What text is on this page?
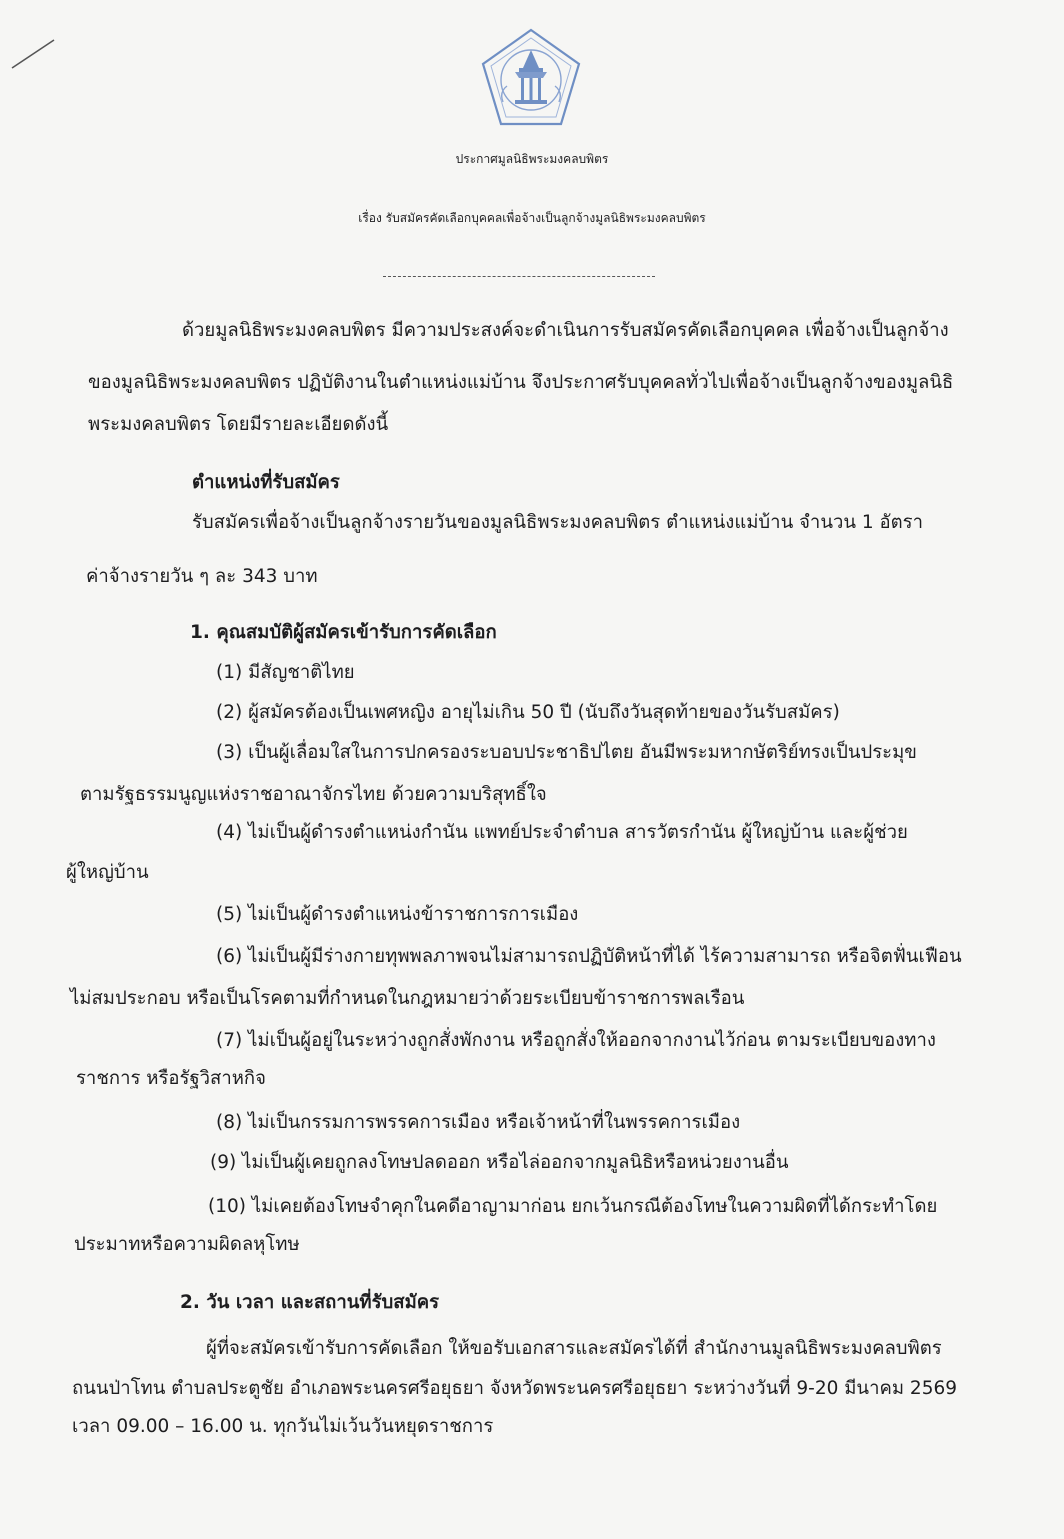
ประกาศมูลนิธิพระมงคลบพิตร
เรื่อง รับสมัครคัดเลือกบุคคลเพื่อจ้างเป็นลูกจ้างมูลนิธิพระมงคลบพิตร
ด้วยมูลนิธิพระมงคลบพิตร มีความประสงค์จะดำเนินการรับสมัครคัดเลือกบุคคล เพื่อจ้างเป็นลูกจ้าง
ของมูลนิธิพระมงคลบพิตร ปฏิบัติงานในตำแหน่งแม่บ้าน จึงประกาศรับบุคคลทั่วไปเพื่อจ้างเป็นลูกจ้างของมูลนิธิ
พระมงคลบพิตร โดยมีรายละเอียดดังนี้
ตำแหน่งที่รับสมัคร
รับสมัครเพื่อจ้างเป็นลูกจ้างรายวันของมูลนิธิพระมงคลบพิตร ตำแหน่งแม่บ้าน จำนวน 1 อัตรา
ค่าจ้างรายวัน ๆ ละ 343 บาท
1. คุณสมบัติผู้สมัครเข้ารับการคัดเลือก
(1) มีสัญชาติไทย
(2) ผู้สมัครต้องเป็นเพศหญิง อายุไม่เกิน 50 ปี (นับถึงวันสุดท้ายของวันรับสมัคร)
(3) เป็นผู้เลื่อมใสในการปกครองระบอบประชาธิปไตย อันมีพระมหากษัตริย์ทรงเป็นประมุข
ตามรัฐธรรมนูญแห่งราชอาณาจักรไทย ด้วยความบริสุทธิ์ใจ
(4) ไม่เป็นผู้ดำรงตำแหน่งกำนัน แพทย์ประจำตำบล สารวัตรกำนัน ผู้ใหญ่บ้าน และผู้ช่วย
ผู้ใหญ่บ้าน
(5) ไม่เป็นผู้ดำรงตำแหน่งข้าราชการการเมือง
(6) ไม่เป็นผู้มีร่างกายทุพพลภาพจนไม่สามารถปฏิบัติหน้าที่ได้ ไร้ความสามารถ หรือจิตฟั่นเฟือน
ไม่สมประกอบ หรือเป็นโรคตามที่กำหนดในกฎหมายว่าด้วยระเบียบข้าราชการพลเรือน
(7) ไม่เป็นผู้อยู่ในระหว่างถูกสั่งพักงาน หรือถูกสั่งให้ออกจากงานไว้ก่อน ตามระเบียบของทาง
ราชการ หรือรัฐวิสาหกิจ
(8) ไม่เป็นกรรมการพรรคการเมือง หรือเจ้าหน้าที่ในพรรคการเมือง
(9) ไม่เป็นผู้เคยถูกลงโทษปลดออก หรือไล่ออกจากมูลนิธิหรือหน่วยงานอื่น
(10) ไม่เคยต้องโทษจำคุกในคดีอาญามาก่อน ยกเว้นกรณีต้องโทษในความผิดที่ได้กระทำโดย
ประมาทหรือความผิดลหุโทษ
2. วัน เวลา และสถานที่รับสมัคร
ผู้ที่จะสมัครเข้ารับการคัดเลือก ให้ขอรับเอกสารและสมัครได้ที่ สำนักงานมูลนิธิพระมงคลบพิตร
ถนนป่าโทน ตำบลประตูชัย อำเภอพระนครศรีอยุธยา จังหวัดพระนครศรีอยุธยา ระหว่างวันที่ 9-20 มีนาคม 2569
เวลา 09.00 – 16.00 น. ทุกวันไม่เว้นวันหยุดราชการ
